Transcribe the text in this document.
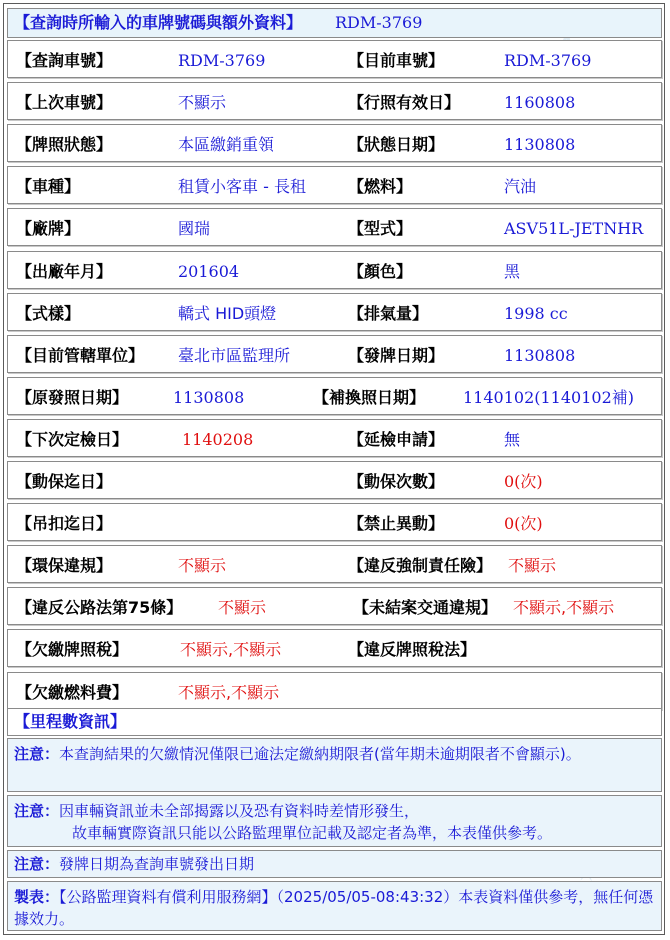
【查詢時所輸入的車牌號碼與額外資料】 RDM-3769
【查詢車號】	RDM-3769	【目前車號】	RDM-3769
【上次車號】	不顯示	【行照有效日】	1160808
【牌照狀態】	本區繳銷重領	【狀態日期】	1130808
【車種】	租賃小客車 - 長租	【燃料】	汽油
【廠牌】	國瑞	【型式】	ASV51L-JETNHR
【出廠年月】	201604	【顏色】	黑
【式樣】	轎式 HID頭燈	【排氣量】	1998 cc
【目前管轄單位】 臺北市區監理所	【發牌日期】	1130808
【原發照日期】	1130808	【補換照日期】 1140102(1140102補)
【下次定檢日】	1140208	【延檢申請】	無
【動保迄日】	【動保次數】	0(次)
【吊扣迄日】	【禁止異動】	0(次)
【環保違規】	不顯示	【違反強制責任險】 不顯示
【違反公路法第75條】 不顯示	【未結案交通違規】 不顯示,不顯示
【欠繳牌照稅】	不顯示,不顯示	【違反牌照稅法】
【欠繳燃料費】	不顯示,不顯示
【里程數資訊】
注意：本查詢結果的欠繳情況僅限已逾法定繳納期限者(當年期未逾期限者不會顯示)。
注意：因車輛資訊並未全部揭露以及恐有資料時差情形發生，
故車輛實際資訊只能以公路監理單位記載及認定者為準，本表僅供參考。
注意：發牌日期為查詢車號發出日期
製表：【公路監理資料有償利用服務網】（2025/05/05-08:43:32）本表資料僅供參考，無任何憑據效力。
